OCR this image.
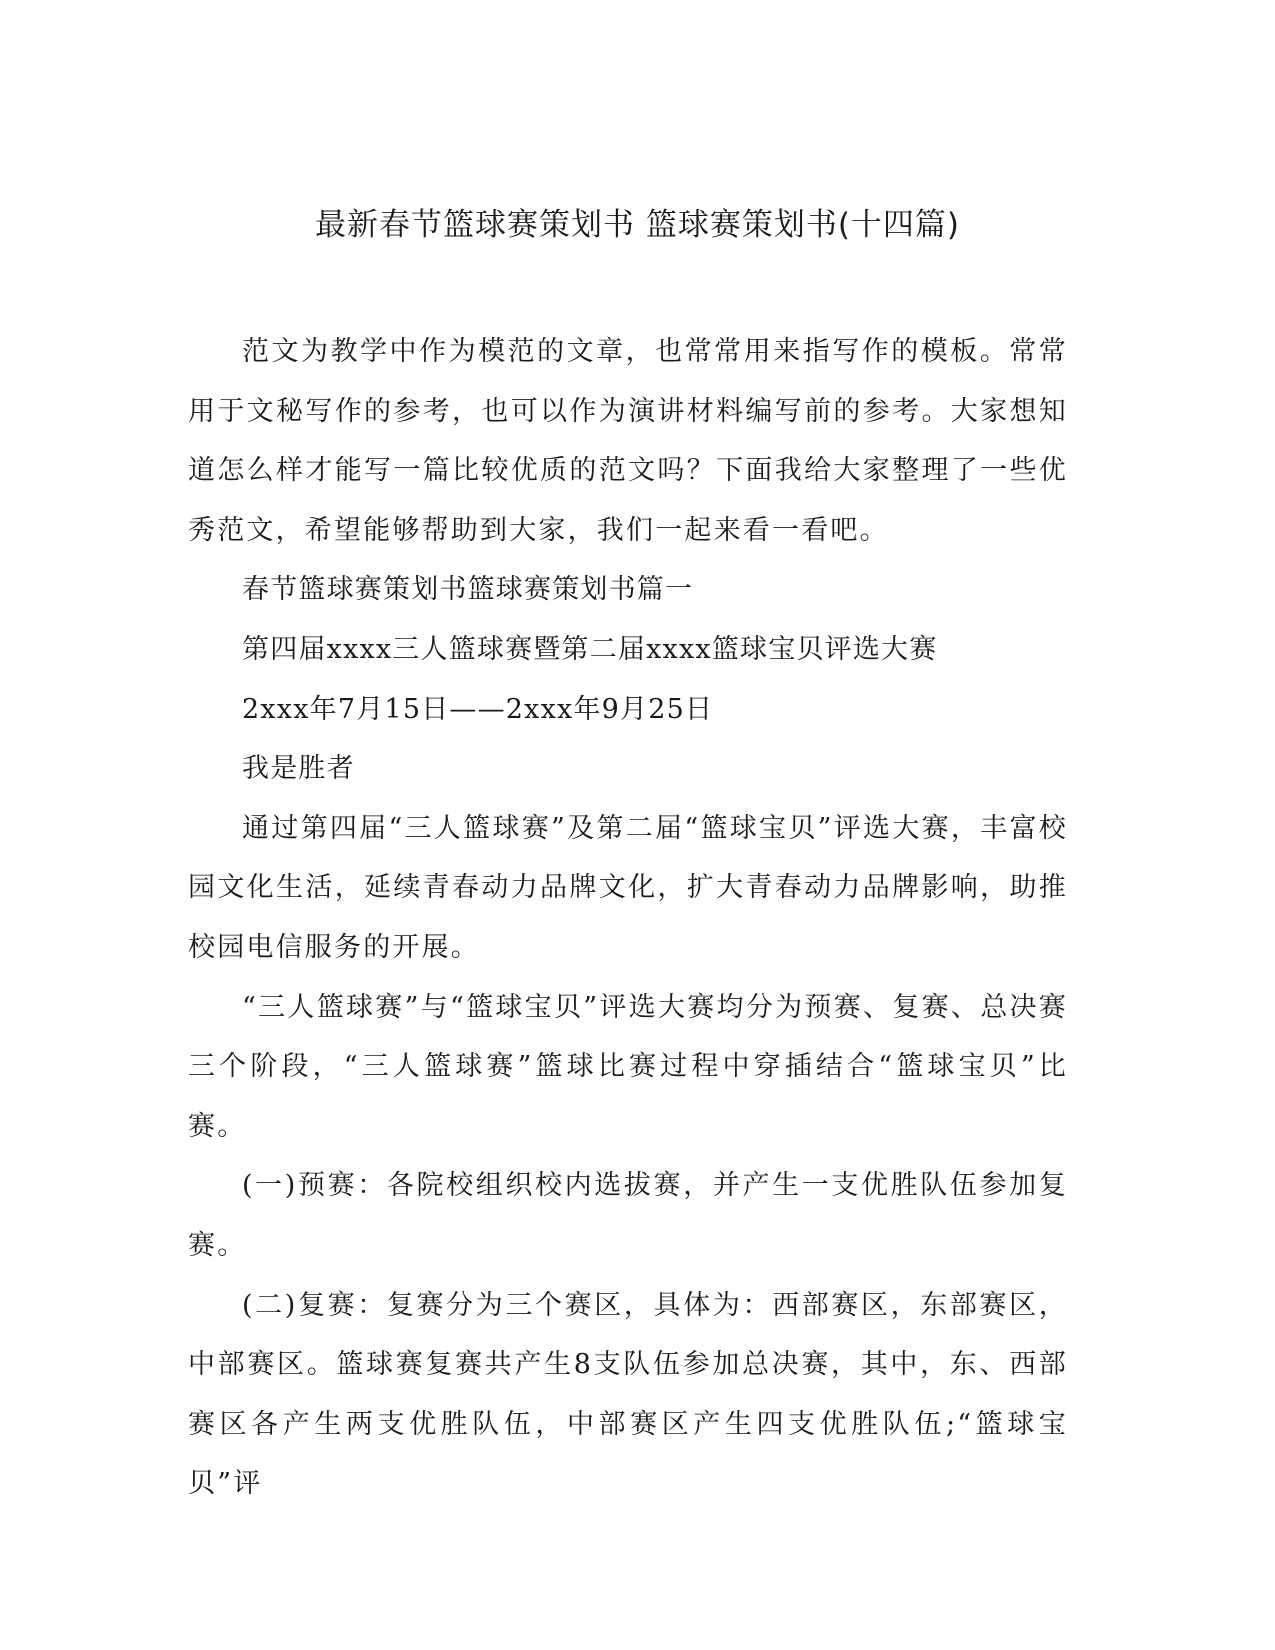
最新春节篮球赛策划书 篮球赛策划书(十四篇)

范文为教学中作为模范的文章，也常常用来指写作的模板。常常用于文秘写作的参考，也可以作为演讲材料编写前的参考。大家想知道怎么样才能写一篇比较优质的范文吗？下面我给大家整理了一些优秀范文，希望能够帮助到大家，我们一起来看一看吧。

春节篮球赛策划书篮球赛策划书篇一

第四届xxxx三人篮球赛暨第二届xxxx篮球宝贝评选大赛

2xxx年7月15日——2xxx年9月25日

我是胜者

通过第四届“三人篮球赛”及第二届“篮球宝贝”评选大赛，丰富校园文化生活，延续青春动力品牌文化，扩大青春动力品牌影响，助推校园电信服务的开展。

“三人篮球赛”与“篮球宝贝”评选大赛均分为预赛、复赛、总决赛三个阶段，“三人篮球赛”篮球比赛过程中穿插结合“篮球宝贝”比赛。

(一)预赛：各院校组织校内选拔赛，并产生一支优胜队伍参加复赛。

(二)复赛：复赛分为三个赛区，具体为：西部赛区，东部赛区，中部赛区。篮球赛复赛共产生8支队伍参加总决赛，其中，东、西部赛区各产生两支优胜队伍，中部赛区产生四支优胜队伍;“篮球宝贝”评
